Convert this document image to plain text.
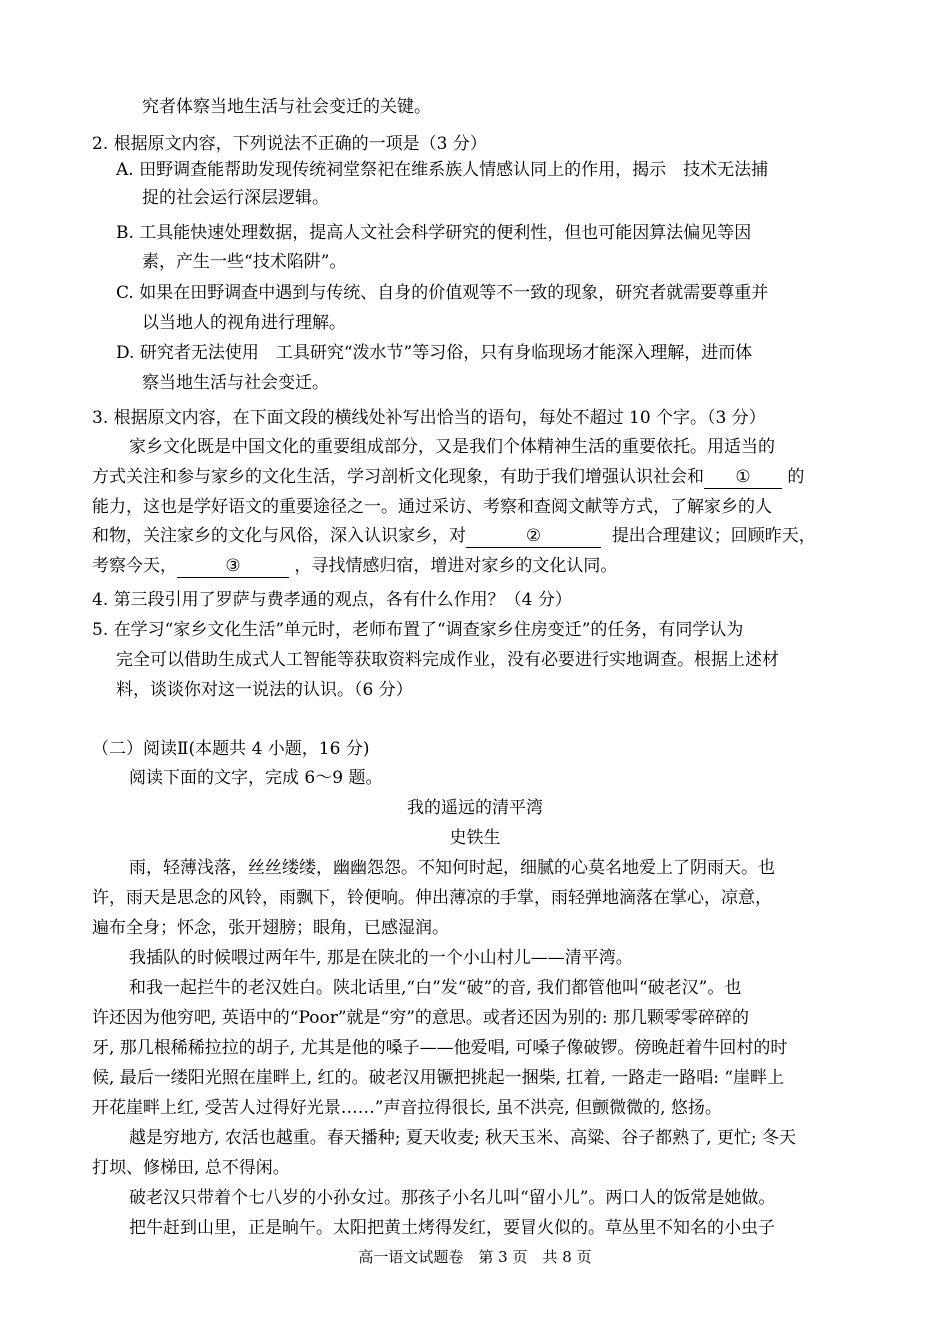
究者体察当地生活与社会变迁的关键。
2. 根据原文内容，下列说法不正确的一项是（3 分）
A. 田野调查能帮助发现传统祠堂祭祀在维系族人情感认同上的作用，揭示　技术无法捕
捉的社会运行深层逻辑。
B. 工具能快速处理数据，提高人文社会科学研究的便利性，但也可能因算法偏见等因
素，产生一些“技术陷阱”。
C. 如果在田野调查中遇到与传统、自身的价值观等不一致的现象，研究者就需要尊重并
以当地人的视角进行理解。
D. 研究者无法使用　工具研究“泼水节”等习俗，只有身临现场才能深入理解，进而体
察当地生活与社会变迁。
3. 根据原文内容，在下面文段的横线处补写出恰当的语句，每处不超过 10 个字。（3 分）
家乡文化既是中国文化的重要组成部分，又是我们个体精神生活的重要依托。用适当的
方式关注和参与家乡的文化生活，学习剖析文化现象，有助于我们增强认识社会和 ① 的
能力，这也是学好语文的重要途径之一。通过采访、考察和查阅文献等方式，了解家乡的人
和物，关注家乡的文化与风俗，深入认识家乡，对	②	提出合理建议；回顾昨天，
考察今天，	③	，寻找情感归宿，增进对家乡的文化认同。
4. 第三段引用了罗萨与费孝通的观点，各有什么作用？（4 分）
5. 在学习“家乡文化生活”单元时，老师布置了“调查家乡住房变迁”的任务，有同学认为
完全可以借助生成式人工智能等获取资料完成作业，没有必要进行实地调查。根据上述材
料，谈谈你对这一说法的认识。（6 分）
（二）阅读Ⅱ(本题共 4 小题，16 分)
阅读下面的文字，完成 6～9 题。
我的遥远的清平湾
史铁生
雨，轻薄浅落，丝丝缕缕，幽幽怨怨。不知何时起，细腻的心莫名地爱上了阴雨天。也
许，雨天是思念的风铃，雨飘下，铃便响。伸出薄凉的手掌，雨轻弹地滴落在掌心，凉意，
遍布全身；怀念，张开翅膀；眼角，已感湿润。
我插队的时候喂过两年牛, 那是在陕北的一个小山村儿——清平湾。
和我一起拦牛的老汉姓白。陕北话里,“白”发“破”的音, 我们都管他叫“破老汉”。也
许还因为他穷吧, 英语中的“Poor”就是“穷”的意思。或者还因为别的: 那几颗零零碎碎的
牙, 那几根稀稀拉拉的胡子, 尤其是他的嗓子——他爱唱, 可嗓子像破锣。傍晚赶着牛回村的时
候, 最后一缕阳光照在崖畔上, 红的。破老汉用镢把挑起一捆柴, 扛着, 一路走一路唱: “崖畔上
开花崖畔上红, 受苦人过得好光景……”声音拉得很长, 虽不洪亮, 但颤微微的, 悠扬。
越是穷地方, 农活也越重。春天播种; 夏天收麦; 秋天玉米、高粱、谷子都熟了, 更忙; 冬天
打坝、修梯田, 总不得闲。
破老汉只带着个七八岁的小孙女过。那孩子小名儿叫“留小儿”。两口人的饭常是她做。
把牛赶到山里，正是晌午。太阳把黄土烤得发红，要冒火似的。草丛里不知名的小虫子
高一语文试题卷　第 3 页　共 8 页
